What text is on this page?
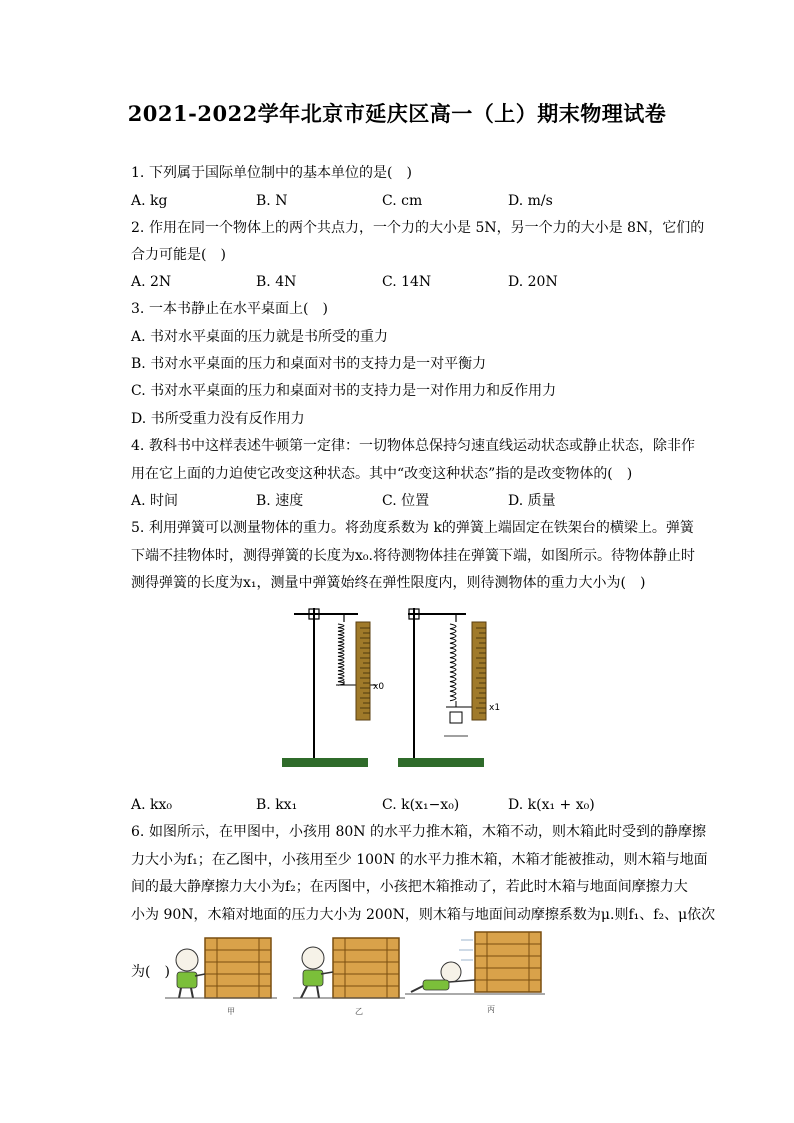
2021-2022学年北京市延庆区高一（上）期末物理试卷
1. 下列属于国际单位制中的基本单位的是(　)
A. kg	B. N	C. cm	D. m/s
2. 作用在同一个物体上的两个共点力，一个力的大小是 5N，另一个力的大小是 8N，它们的
合力可能是(　)
A. 2N	B. 4N	C. 14N	D. 20N
3. 一本书静止在水平桌面上(　)
A. 书对水平桌面的压力就是书所受的重力
B. 书对水平桌面的压力和桌面对书的支持力是一对平衡力
C. 书对水平桌面的压力和桌面对书的支持力是一对作用力和反作用力
D. 书所受重力没有反作用力
4. 教科书中这样表述牛顿第一定律：一切物体总保持匀速直线运动状态或静止状态，除非作
用在它上面的力迫使它改变这种状态。其中“改变这种状态”指的是改变物体的(　)
A. 时间	B. 速度	C. 位置	D. 质量
5. 利用弹簧可以测量物体的重力。将劲度系数为 k的弹簧上端固定在铁架台的横梁上。弹簧
下端不挂物体时，测得弹簧的长度为x₀.将待测物体挂在弹簧下端，如图所示。待物体静止时
测得弹簧的长度为x₁，测量中弹簧始终在弹性限度内，则待测物体的重力大小为(　)
x0
x1
A. kx₀	B. kx₁	C. k(x₁−x₀)	D. k(x₁ + x₀)
6. 如图所示，在甲图中，小孩用 80N 的水平力推木箱，木箱不动，则木箱此时受到的静摩擦
力大小为f₁；在乙图中，小孩用至少 100N 的水平力推木箱，木箱才能被推动，则木箱与地面
间的最大静摩擦力大小为f₂；在丙图中，小孩把木箱推动了，若此时木箱与地面间摩擦力大
小为 90N，木箱对地面的压力大小为 200N，则木箱与地面间动摩擦系数为μ.则f₁、f₂、μ依次
为(　)
甲	乙	丙
